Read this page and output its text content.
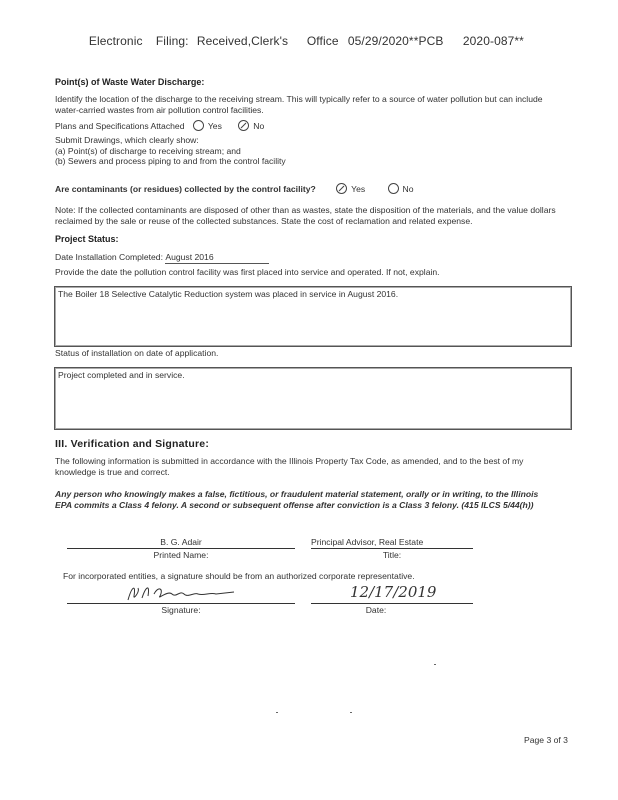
Electronic Filing: Received,Clerk's Office 05/29/2020**PCB 2020-087**

Point(s) of Waste Water Discharge:
Identify the location of the discharge to the receiving stream. This will typically refer to a source of water pollution but can include water-carried wastes from air pollution control facilities.
Plans and Specifications Attached	Yes	No
Submit Drawings, which clearly show:
(a) Point(s) of discharge to receiving stream; and
(b) Sewers and process piping to and from the control facility
Are contaminants (or residues) collected by the control facility?	Yes	No
Note: If the collected contaminants are disposed of other than as wastes, state the disposition of the materials, and the value dollars reclaimed by the sale or reuse of the collected substances. State the cost of reclamation and related expense.
Project Status:
Date Installation Completed: August 2016
Provide the date the pollution control facility was first placed into service and operated. If not, explain.
The Boiler 18 Selective Catalytic Reduction system was placed in service in August 2016.
Status of installation on date of application.
Project completed and in service.
III. Verification and Signature:
The following information is submitted in accordance with the Illinois Property Tax Code, as amended, and to the best of my knowledge is true and correct.
Any person who knowingly makes a false, fictitious, or fraudulent material statement, orally or in writing, to the Illinois EPA commits a Class 4 felony. A second or subsequent offense after conviction is a Class 3 felony. (415 ILCS 5/44(h))
B. G. Adair
Printed Name:
Principal Advisor, Real Estate
Title:
For incorporated entities, a signature should be from an authorized corporate representative.
Signature:
12/17/2019
Date:
Page 3 of 3
